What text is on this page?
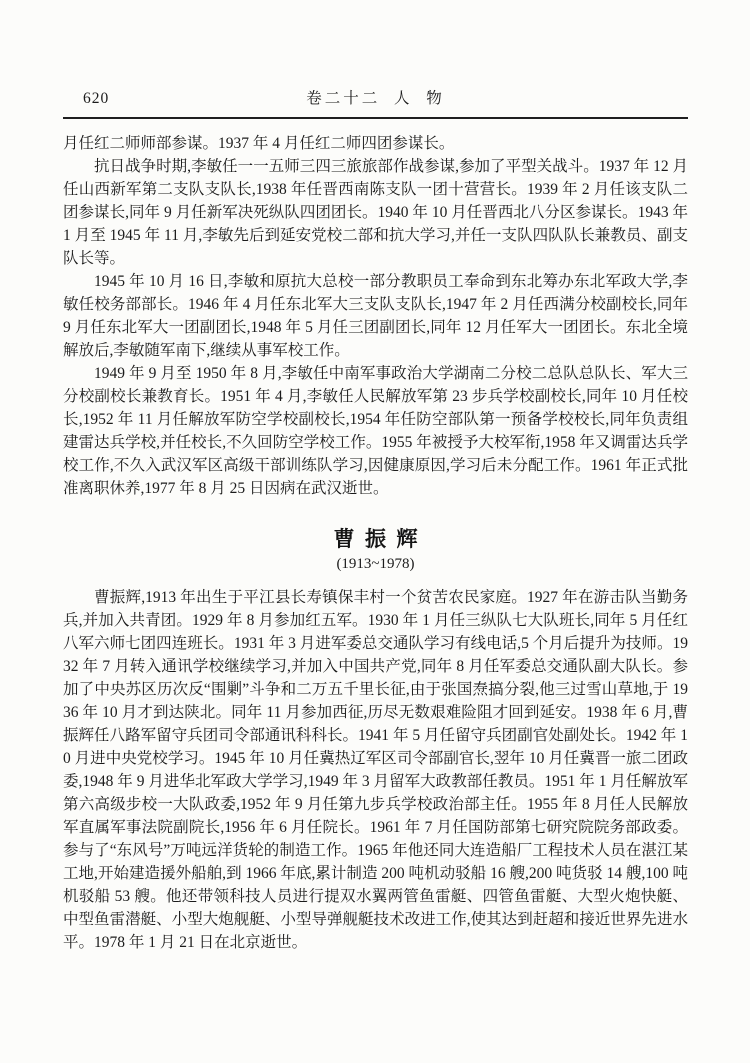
620	卷二十二  人  物

月任红二师师部参谋。1937 年 4 月任红二师四团参谋长。

抗日战争时期,李敏任一一五师三四三旅旅部作战参谋,参加了平型关战斗。1937 年 12 月任山西新军第二支队支队长,1938 年任晋西南陈支队一团十营营长。1939 年 2 月任该支队二团参谋长,同年 9 月任新军决死纵队四团团长。1940 年 10 月任晋西北八分区参谋长。1943 年 1 月至 1945 年 11 月,李敏先后到延安党校二部和抗大学习,并任一支队四队队长兼教员、副支队长等。

1945 年 10 月 16 日,李敏和原抗大总校一部分教职员工奉命到东北筹办东北军政大学,李敏任校务部部长。1946 年 4 月任东北军大三支队支队长,1947 年 2 月任西满分校副校长,同年 9 月任东北军大一团副团长,1948 年 5 月任三团副团长,同年 12 月任军大一团团长。东北全境解放后,李敏随军南下,继续从事军校工作。

1949 年 9 月至 1950 年 8 月,李敏任中南军事政治大学湖南二分校二总队总队长、军大三分校副校长兼教育长。1951 年 4 月,李敏任人民解放军第 23 步兵学校副校长,同年 10 月任校长,1952 年 11 月任解放军防空学校副校长,1954 年任防空部队第一预备学校校长,同年负责组建雷达兵学校,并任校长,不久回防空学校工作。1955 年被授予大校军衔,1958 年又调雷达兵学校工作,不久入武汉军区高级干部训练队学习,因健康原因,学习后未分配工作。1961 年正式批准离职休养,1977 年 8 月 25 日因病在武汉逝世。

曹  振  辉
(1913~1978)

曹振辉,1913 年出生于平江县长寿镇保丰村一个贫苦农民家庭。1927 年在游击队当勤务兵,并加入共青团。1929 年 8 月参加红五军。1930 年 1 月任三纵队七大队班长,同年 5 月任红八军六师七团四连班长。1931 年 3 月进军委总交通队学习有线电话,5 个月后提升为技师。1932 年 7 月转入通讯学校继续学习,并加入中国共产党,同年 8 月任军委总交通队副大队长。参加了中央苏区历次反“围剿”斗争和二万五千里长征,由于张国焘搞分裂,他三过雪山草地,于 1936 年 10 月才到达陕北。同年 11 月参加西征,历尽无数艰难险阻才回到延安。1938 年 6 月,曹振辉任八路军留守兵团司令部通讯科科长。1941 年 5 月任留守兵团副官处副处长。1942 年 10 月进中央党校学习。1945 年 10 月任冀热辽军区司令部副官长,翌年 10 月任冀晋一旅二团政委,1948 年 9 月进华北军政大学学习,1949 年 3 月留军大政教部任教员。1951 年 1 月任解放军第六高级步校一大队政委,1952 年 9 月任第九步兵学校政治部主任。1955 年 8 月任人民解放军直属军事法院副院长,1956 年 6 月任院长。1961 年 7 月任国防部第七研究院院务部政委。参与了“东风号”万吨远洋货轮的制造工作。1965 年他还同大连造船厂工程技术人员在湛江某工地,开始建造援外船舶,到 1966 年底,累计制造 200 吨机动驳船 16 艘,200 吨货驳 14 艘,100 吨机驳船 53 艘。他还带领科技人员进行提双水翼两管鱼雷艇、四管鱼雷艇、大型火炮快艇、中型鱼雷潜艇、小型大炮舰艇、小型导弹舰艇技术改进工作,使其达到赶超和接近世界先进水平。1978 年 1 月 21 日在北京逝世。
